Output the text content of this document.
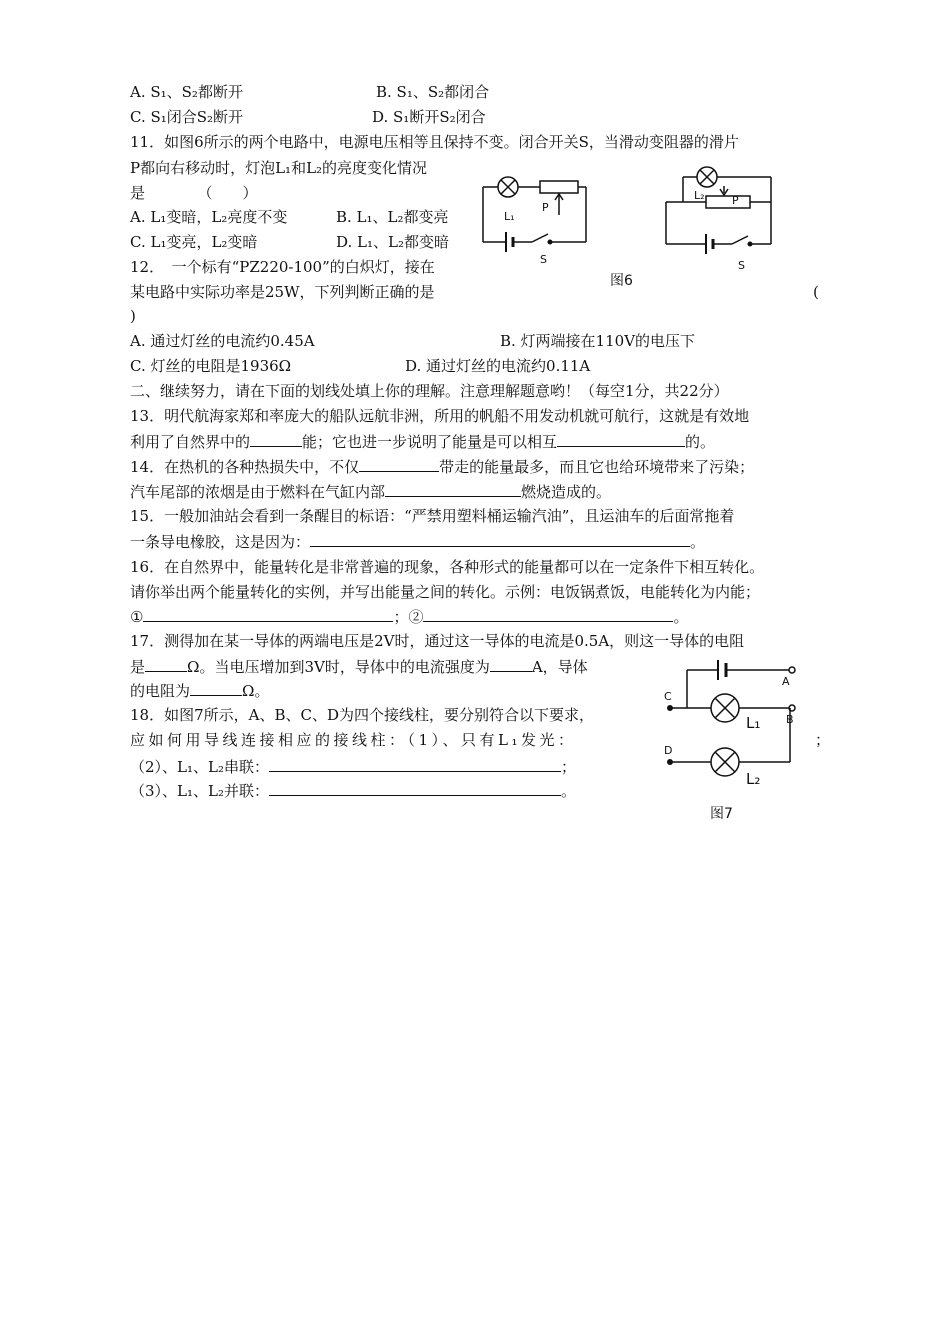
A. S₁、S₂都断开	B. S₁、S₂都闭合
C. S₁闭合S₂断开	D. S₁断开S₂闭合
11．如图6所示的两个电路中，电源电压相等且保持不变。闭合开关S，当滑动变阻器的滑片
P都向右移动时，灯泡L₁和L₂的亮度变化情况
是　　　　（　　）
A. L₁变暗，L₂亮度不变	B. L₁、L₂都变亮
C. L₁变亮，L₂变暗	D. L₁、L₂都变暗
L₁
P
S
L₂ P
S
图6
12．　一个标有“PZ220-100”的白炽灯，接在
某电路中实际功率是25W，下列判断正确的是	(
)
A. 通过灯丝的电流约0.45A	B. 灯两端接在110V的电压下
C. 灯丝的电阻是1936Ω	D. 通过灯丝的电流约0.11A
二、继续努力，请在下面的划线处填上你的理解。注意理解题意哟！（每空1分，共22分）
13．明代航海家郑和率庞大的船队远航非洲，所用的帆船不用发动机就可航行，这就是有效地
利用了自然界中的	能；它也进一步说明了能量是可以相互	的。
14．在热机的各种热损失中，不仅	带走的能量最多，而且它也给环境带来了污染；
汽车尾部的浓烟是由于燃料在气缸内部	燃烧造成的。
15．一般加油站会看到一条醒目的标语：“严禁用塑料桶运输汽油”，且运油车的后面常拖着
一条导电橡胶，这是因为：	。
16．在自然界中，能量转化是非常普遍的现象，各种形式的能量都可以在一定条件下相互转化。
请你举出两个能量转化的实例，并写出能量之间的转化。示例：电饭锅煮饭，电能转化为内能；
①	；②	。
17．测得加在某一导体的两端电压是2V时，通过这一导体的电流是0.5A，则这一导体的电阻
是	Ω。当电压增加到3V时，导体中的电流强度为	A，导体
的电阻为	Ω。
18．如图7所示，A、B、C、D为四个接线柱，要分别符合以下要求，
应如何用导线连接相应的接线柱：（1）、只有L₁发光：	；
（2）、L₁、L₂串联：	；
（3）、L₁、L₂并联：	。
A
B
C
D
L₁
L₂
图7
